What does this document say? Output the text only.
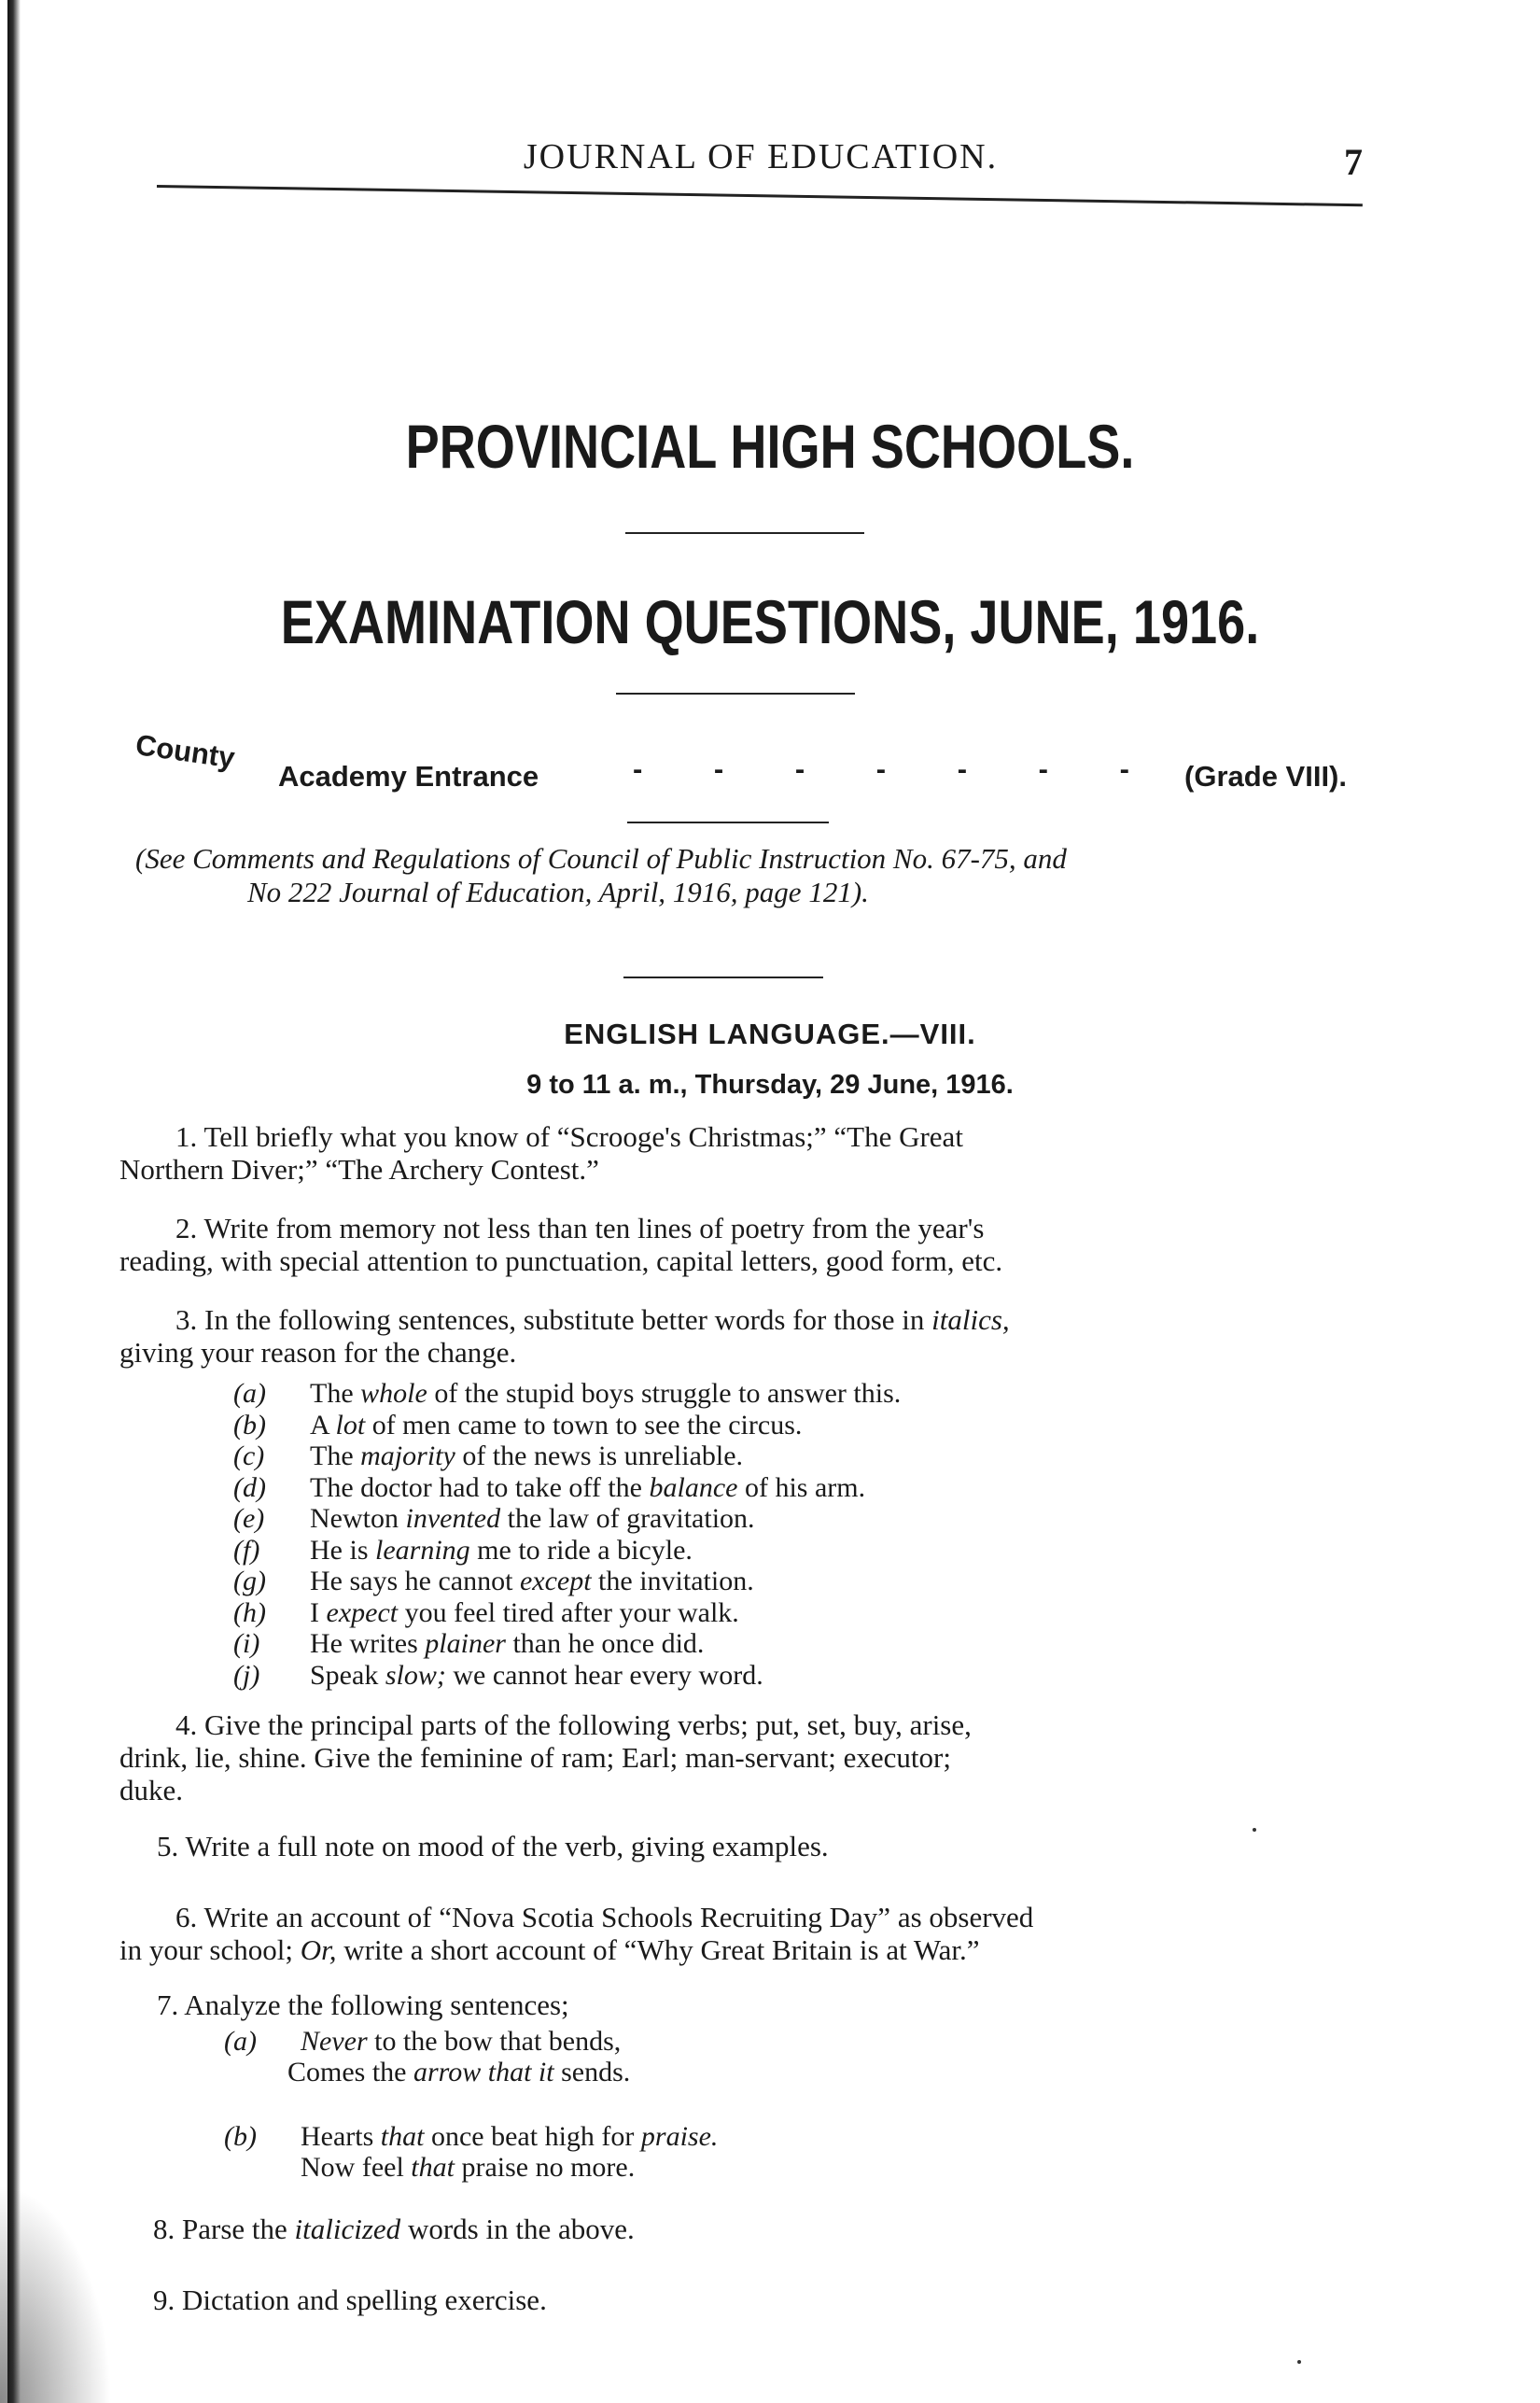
JOURNAL OF EDUCATION.	7
PROVINCIAL HIGH SCHOOLS.
EXAMINATION QUESTIONS, JUNE, 1916.
County
Academy Entrance	- - - - - - - (Grade VIII).
(See Comments and Regulations of Council of Public Instruction No. 67-75, and
No 222 Journal of Education, April, 1916, page 121).
ENGLISH LANGUAGE.—VIII.
9 to 11 a. m., Thursday, 29 June, 1916.
1. Tell briefly what you know of “Scrooge's Christmas;” “The Great
Northern Diver;” “The Archery Contest.”
2. Write from memory not less than ten lines of poetry from the year's
reading, with special attention to punctuation, capital letters, good form, etc.
3. In the following sentences, substitute better words for those in italics,
giving your reason for the change.
(a) The whole of the stupid boys struggle to answer this.
(b) A lot of men came to town to see the circus.
(c) The majority of the news is unreliable.
(d) The doctor had to take off the balance of his arm.
(e) Newton invented the law of gravitation.
(f) He is learning me to ride a bicyle.
(g) He says he cannot except the invitation.
(h) I expect you feel tired after your walk.
(i) He writes plainer than he once did.
(j) Speak slow; we cannot hear every word.
4. Give the principal parts of the following verbs; put, set, buy, arise,
drink, lie, shine. Give the feminine of ram; Earl; man-servant; executor;
duke.
5. Write a full note on mood of the verb, giving examples.
6. Write an account of “Nova Scotia Schools Recruiting Day” as observed
in your school; Or, write a short account of “Why Great Britain is at War.”
7. Analyze the following sentences;
(a) Never to the bow that bends,
Comes the arrow that it sends.
(b) Hearts that once beat high for praise.
Now feel that praise no more.
8. Parse the italicized words in the above.
9. Dictation and spelling exercise.
